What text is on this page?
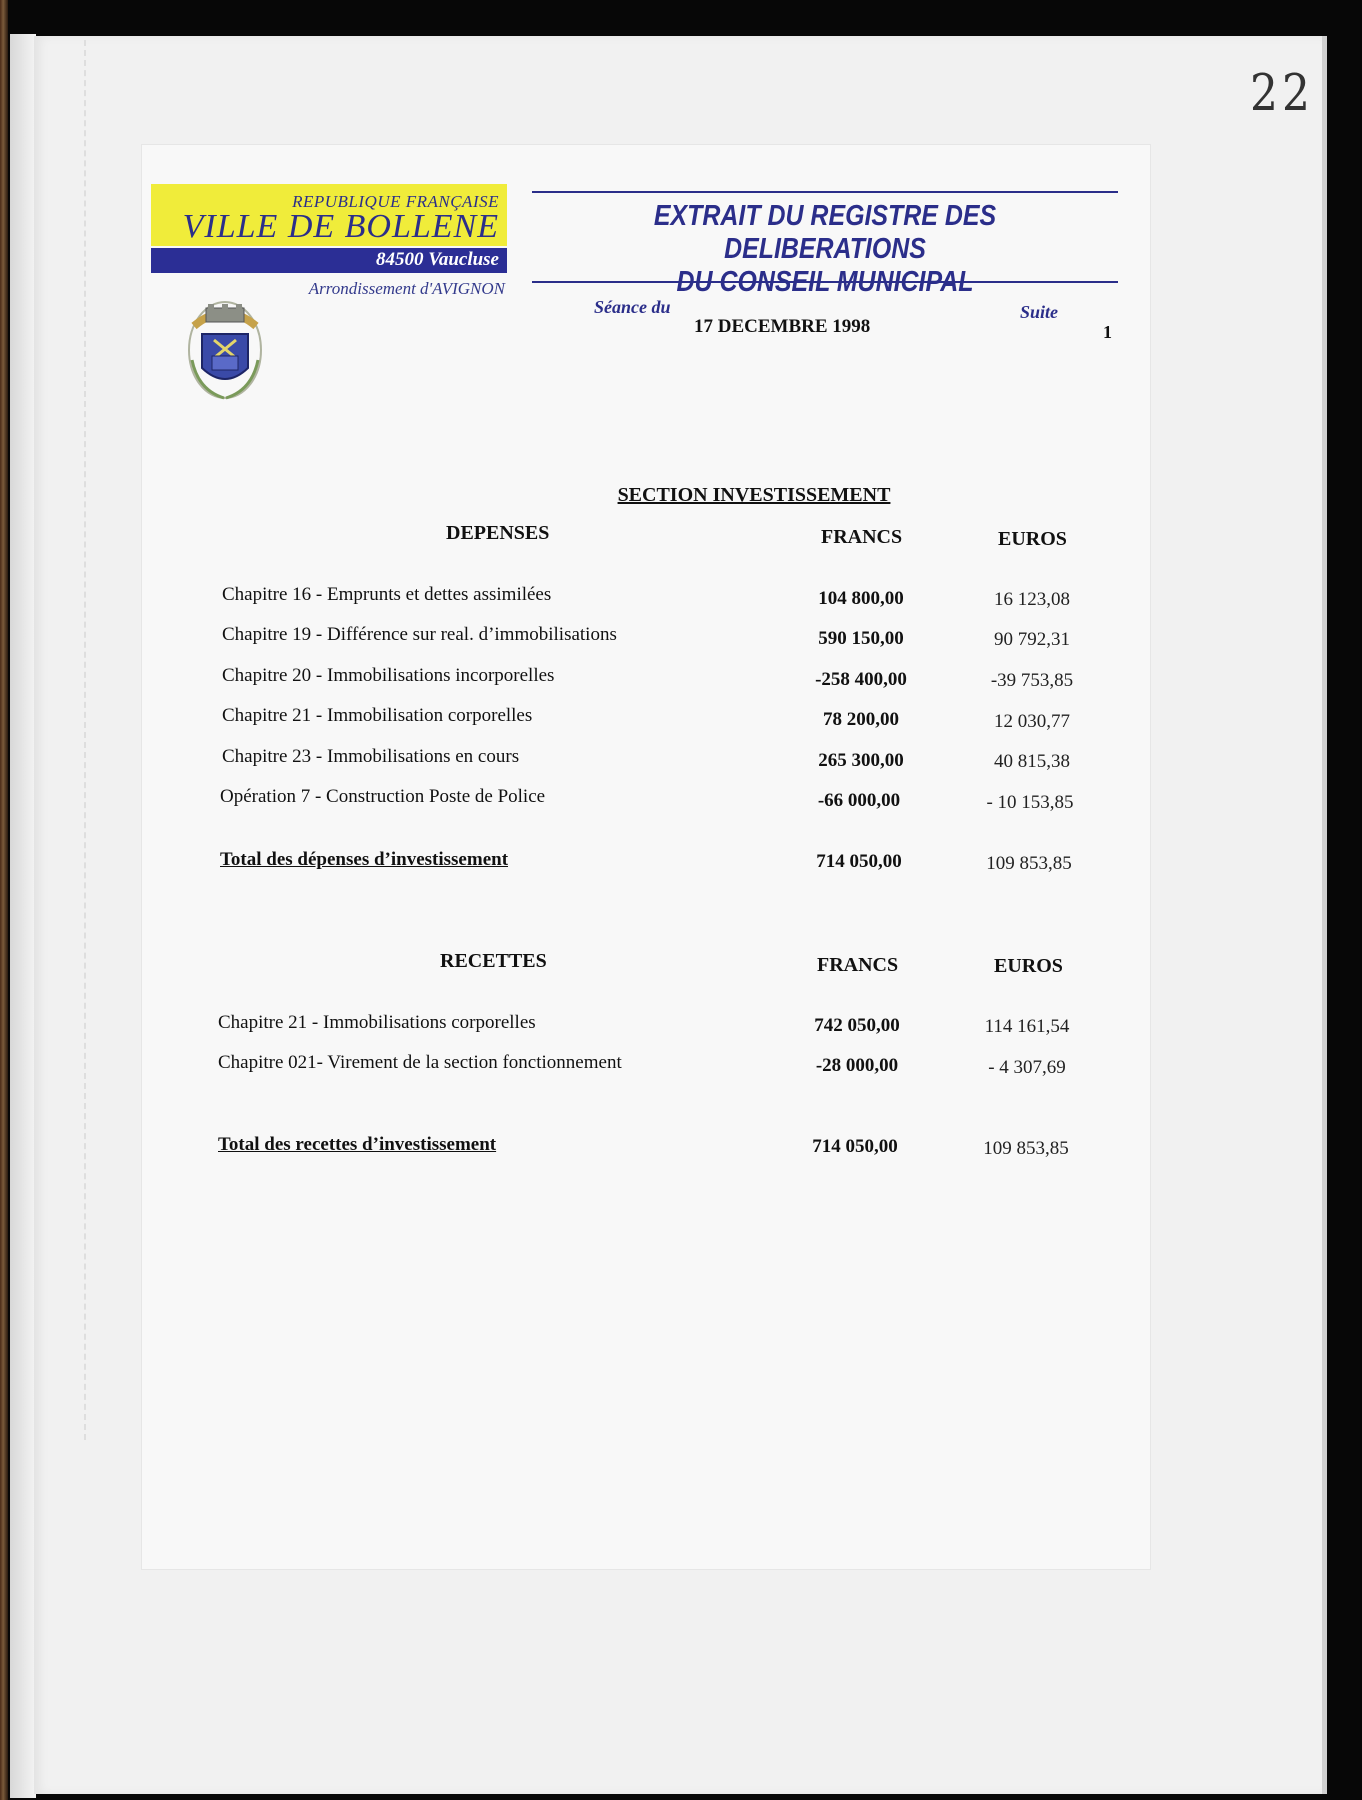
22
REPUBLIQUE FRANÇAISE
VILLE DE BOLLENE
84500 Vaucluse
Arrondissement d'AVIGNON
EXTRAIT DU REGISTRE DES DELIBERATIONS
DU CONSEIL MUNICIPAL
Séance du
17 DECEMBRE 1998
Suite
1
SECTION INVESTISSEMENT
DEPENSES	FRANCS	EUROS
Chapitre 16 - Emprunts et dettes assimilées	104 800,00	16 123,08
Chapitre 19 - Différence sur real. d’immobilisations	590 150,00	90 792,31
Chapitre 20 - Immobilisations incorporelles	-258 400,00	-39 753,85
Chapitre 21 - Immobilisation corporelles	78 200,00	12 030,77
Chapitre 23 - Immobilisations en cours	265 300,00	40 815,38
Opération 7 - Construction Poste de Police	-66 000,00	- 10 153,85
Total des dépenses d’investissement	714 050,00	109 853,85
RECETTES	FRANCS	EUROS
Chapitre 21 - Immobilisations corporelles	742 050,00	114 161,54
Chapitre 021- Virement de la section fonctionnement	-28 000,00	- 4 307,69
Total des recettes d’investissement	714 050,00	109 853,85
